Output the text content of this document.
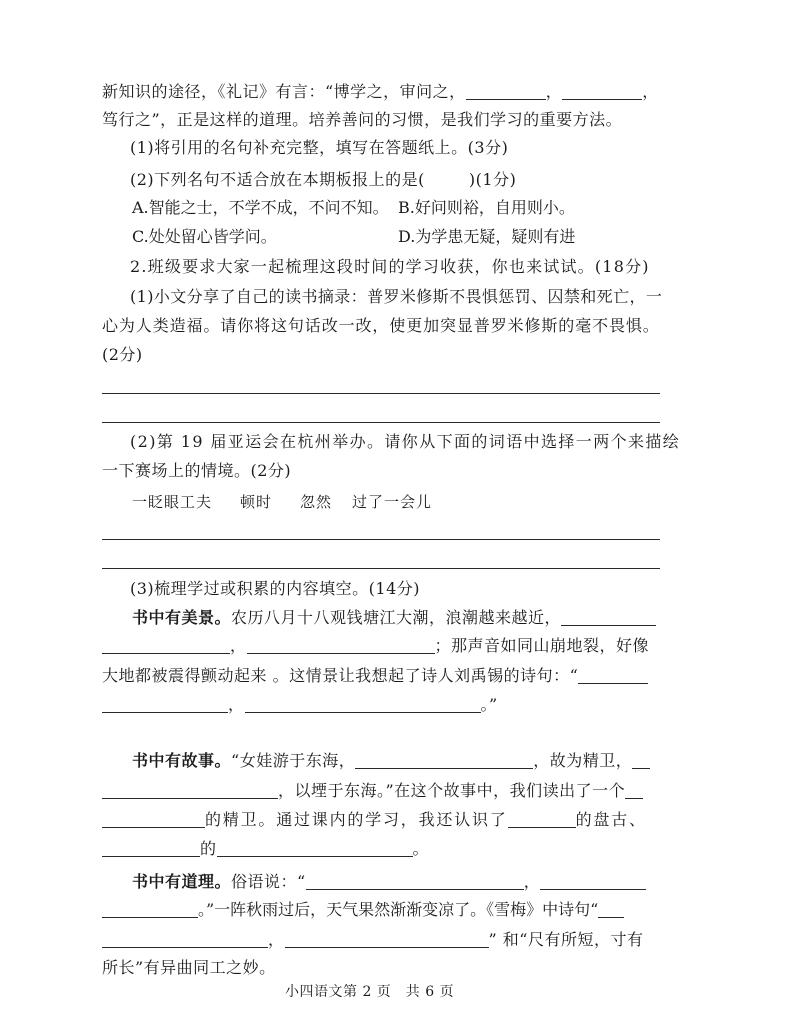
新知识的途径，《礼记》有言：“博学之，审问之，	，	，
笃行之”，正是这样的道理。培养善问的习惯，是我们学习的重要方法。
(1)将引用的名句补充完整，填写在答题纸上。(3分)
(2)下列名句不适合放在本期板报上的是(	)(1分)
A.智能之士，不学不成，不问不知。 B.好问则裕，自用则小。
C.处处留心皆学问。	D.为学患无疑，疑则有进
2.班级要求大家一起梳理这段时间的学习收获，你也来试试。(18分)
(1)小文分享了自己的读书摘录：普罗米修斯不畏惧惩罚、囚禁和死亡，一
心为人类造福。请你将这句话改一改，使更加突显普罗米修斯的毫不畏惧。
(2分)
(2)第 19 届亚运会在杭州举办。请你从下面的词语中选择一两个来描绘
一下赛场上的情境。(2分)
一眨眼工夫 顿时 忽然 过了一会儿
(3)梳理学过或积累的内容填空。(14分)
书中有美景。农历八月十八观钱塘江大潮，浪潮越来越近，
，	；那声音如同山崩地裂，好像
大地都被震得颤动起来 。这情景让我想起了诗人刘禹锡的诗句：“
，	。”
书中有故事。“女娃游于东海，	，故为精卫，
，以堙于东海。”在这个故事中，我们读出了一个
的精卫。通过课内的学习，我还认识了	的盘古、
的	。
书中有道理。俗语说：“	，
。”一阵秋雨过后，天气果然渐渐变凉了。《雪梅》中诗句“
，	” 和“尺有所短，寸有
所长”有异曲同工之妙。
小四语文第 2 页　共 6 页
